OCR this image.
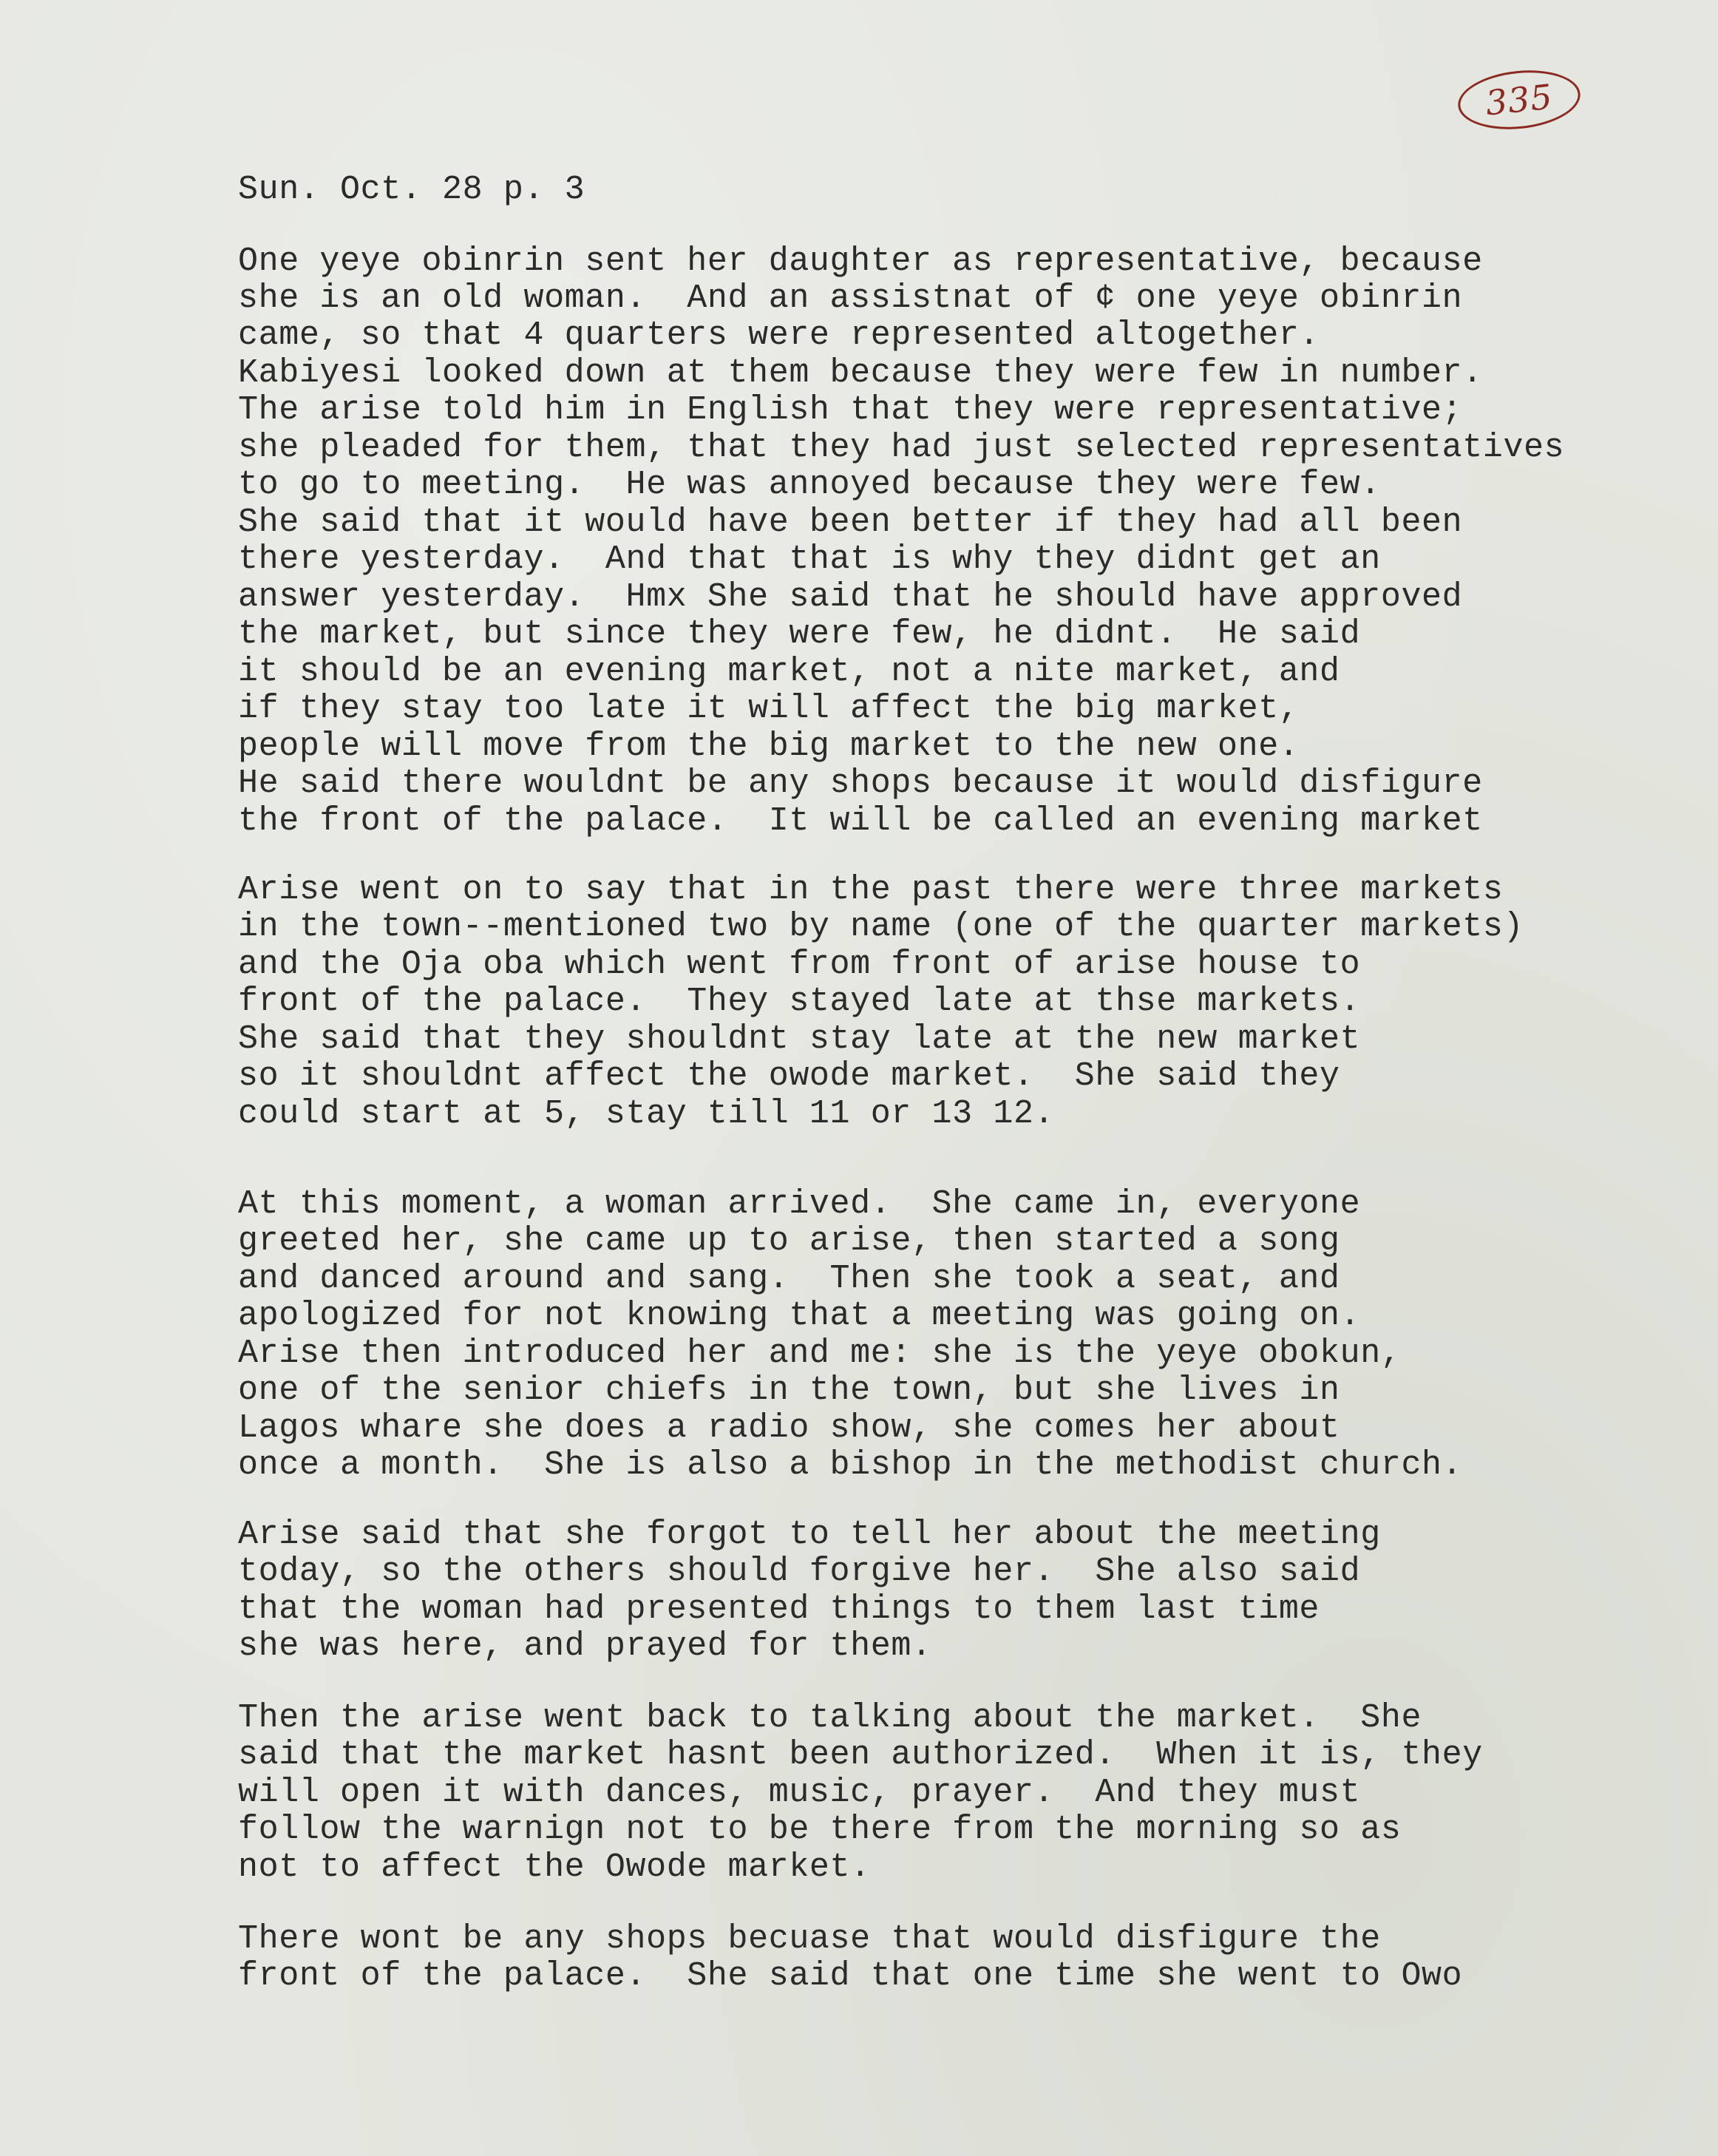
335

Sun. Oct. 28 p. 3

One yeye obinrin sent her daughter as representative, because

she is an old woman.  And an assistnat of ¢ one yeye obinrin

came, so that 4 quarters were represented altogether.

Kabiyesi looked down at them because they were few in number.

The arise told him in English that they were representative;

she pleaded for them, that they had just selected representatives

to go to meeting.  He was annoyed because they were few.

She said that it would have been better if they had all been

there yesterday.  And that that is why they didnt get an

answer yesterday.  Hmx She said that he should have approved

the market, but since they were few, he didnt.  He said

it should be an evening market, not a nite market, and

if they stay too late it will affect the big market,

people will move from the big market to the new one.

He said there wouldnt be any shops because it would disfigure

the front of the palace.  It will be called an evening market

Arise went on to say that in the past there were three markets

in the town--mentioned two by name (one of the quarter markets)

and the Oja oba which went from front of arise house to

front of the palace.  They stayed late at thse markets.

She said that they shouldnt stay late at the new market

so it shouldnt affect the owode market.  She said they

could start at 5, stay till 11 or 13 12.

At this moment, a woman arrived.  She came in, everyone

greeted her, she came up to arise, then started a song

and danced around and sang.  Then she took a seat, and

apologized for not knowing that a meeting was going on.

Arise then introduced her and me: she is the yeye obokun,

one of the senior chiefs in the town, but she lives in

Lagos whare she does a radio show, she comes her about

once a month.  She is also a bishop in the methodist church.

Arise said that she forgot to tell her about the meeting

today, so the others should forgive her.  She also said

that the woman had presented things to them last time

she was here, and prayed for them.

Then the arise went back to talking about the market.  She

said that the market hasnt been authorized.  When it is, they

will open it with dances, music, prayer.  And they must

follow the warnign not to be there from the morning so as

not to affect the Owode market.

There wont be any shops becuase that would disfigure the

front of the palace.  She said that one time she went to Owo
